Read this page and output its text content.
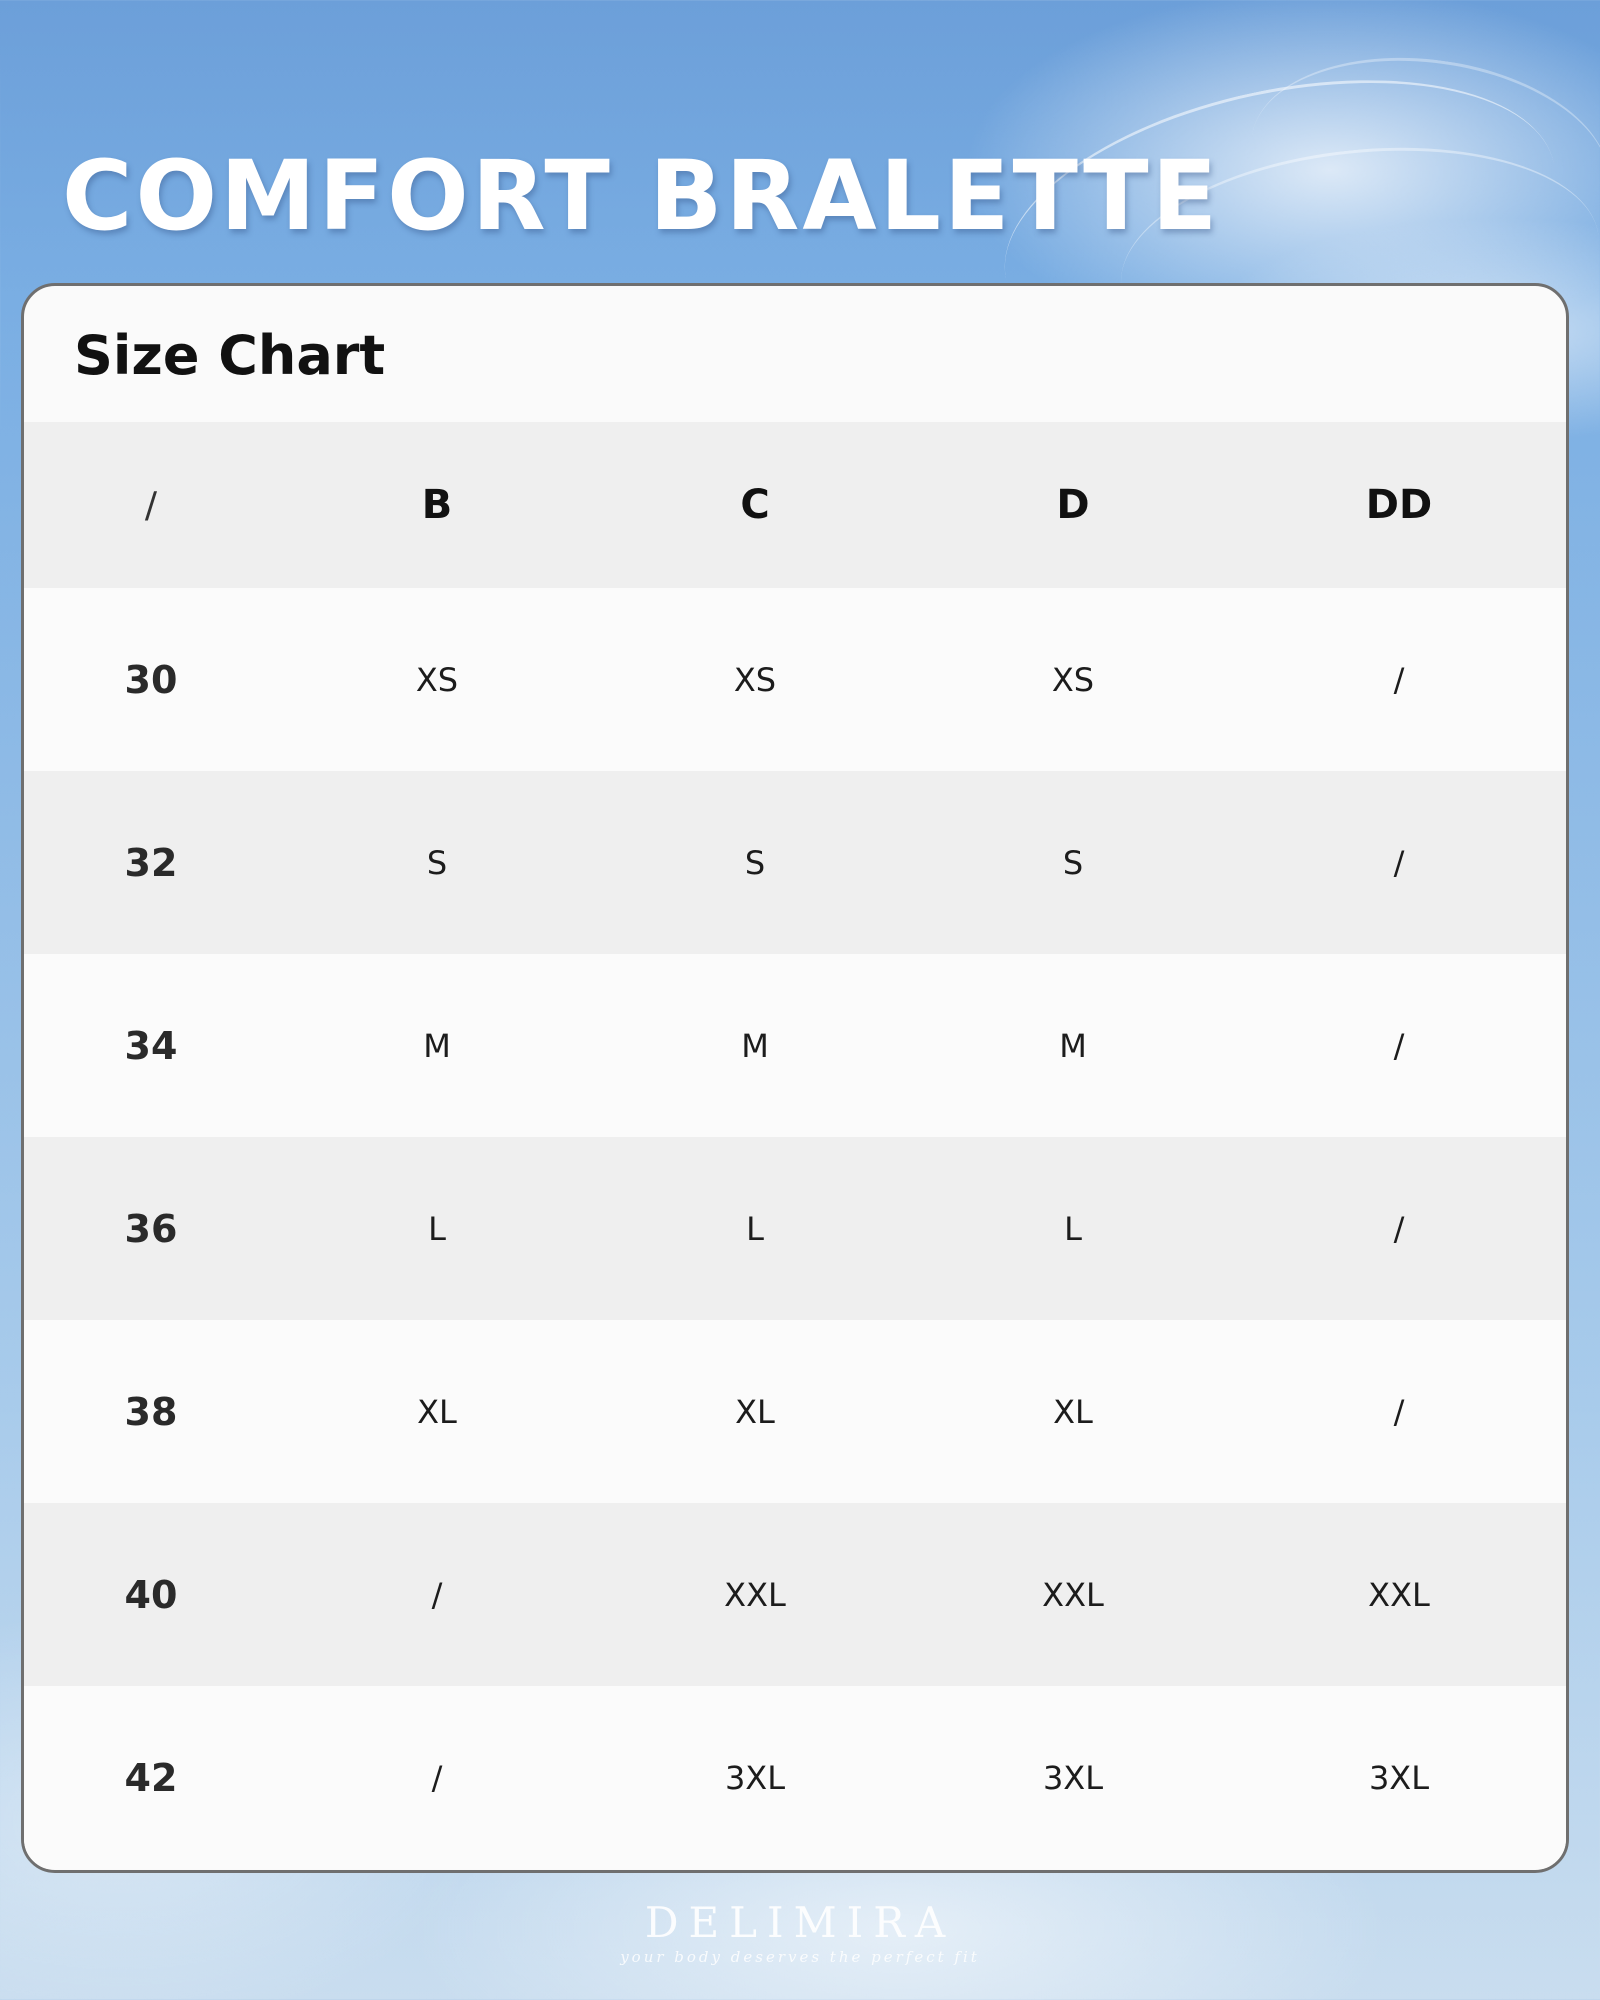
COMFORT BRALETTE
Size Chart
/	B	C	D	DD
30	XS	XS	XS	/
32	S	S	S	/
34	M	M	M	/
36	L	L	L	/
38	XL	XL	XL	/
40	/	XXL	XXL	XXL
42	/	3XL	3XL	3XL
DELIMIRA
your body deserves the perfect fit
